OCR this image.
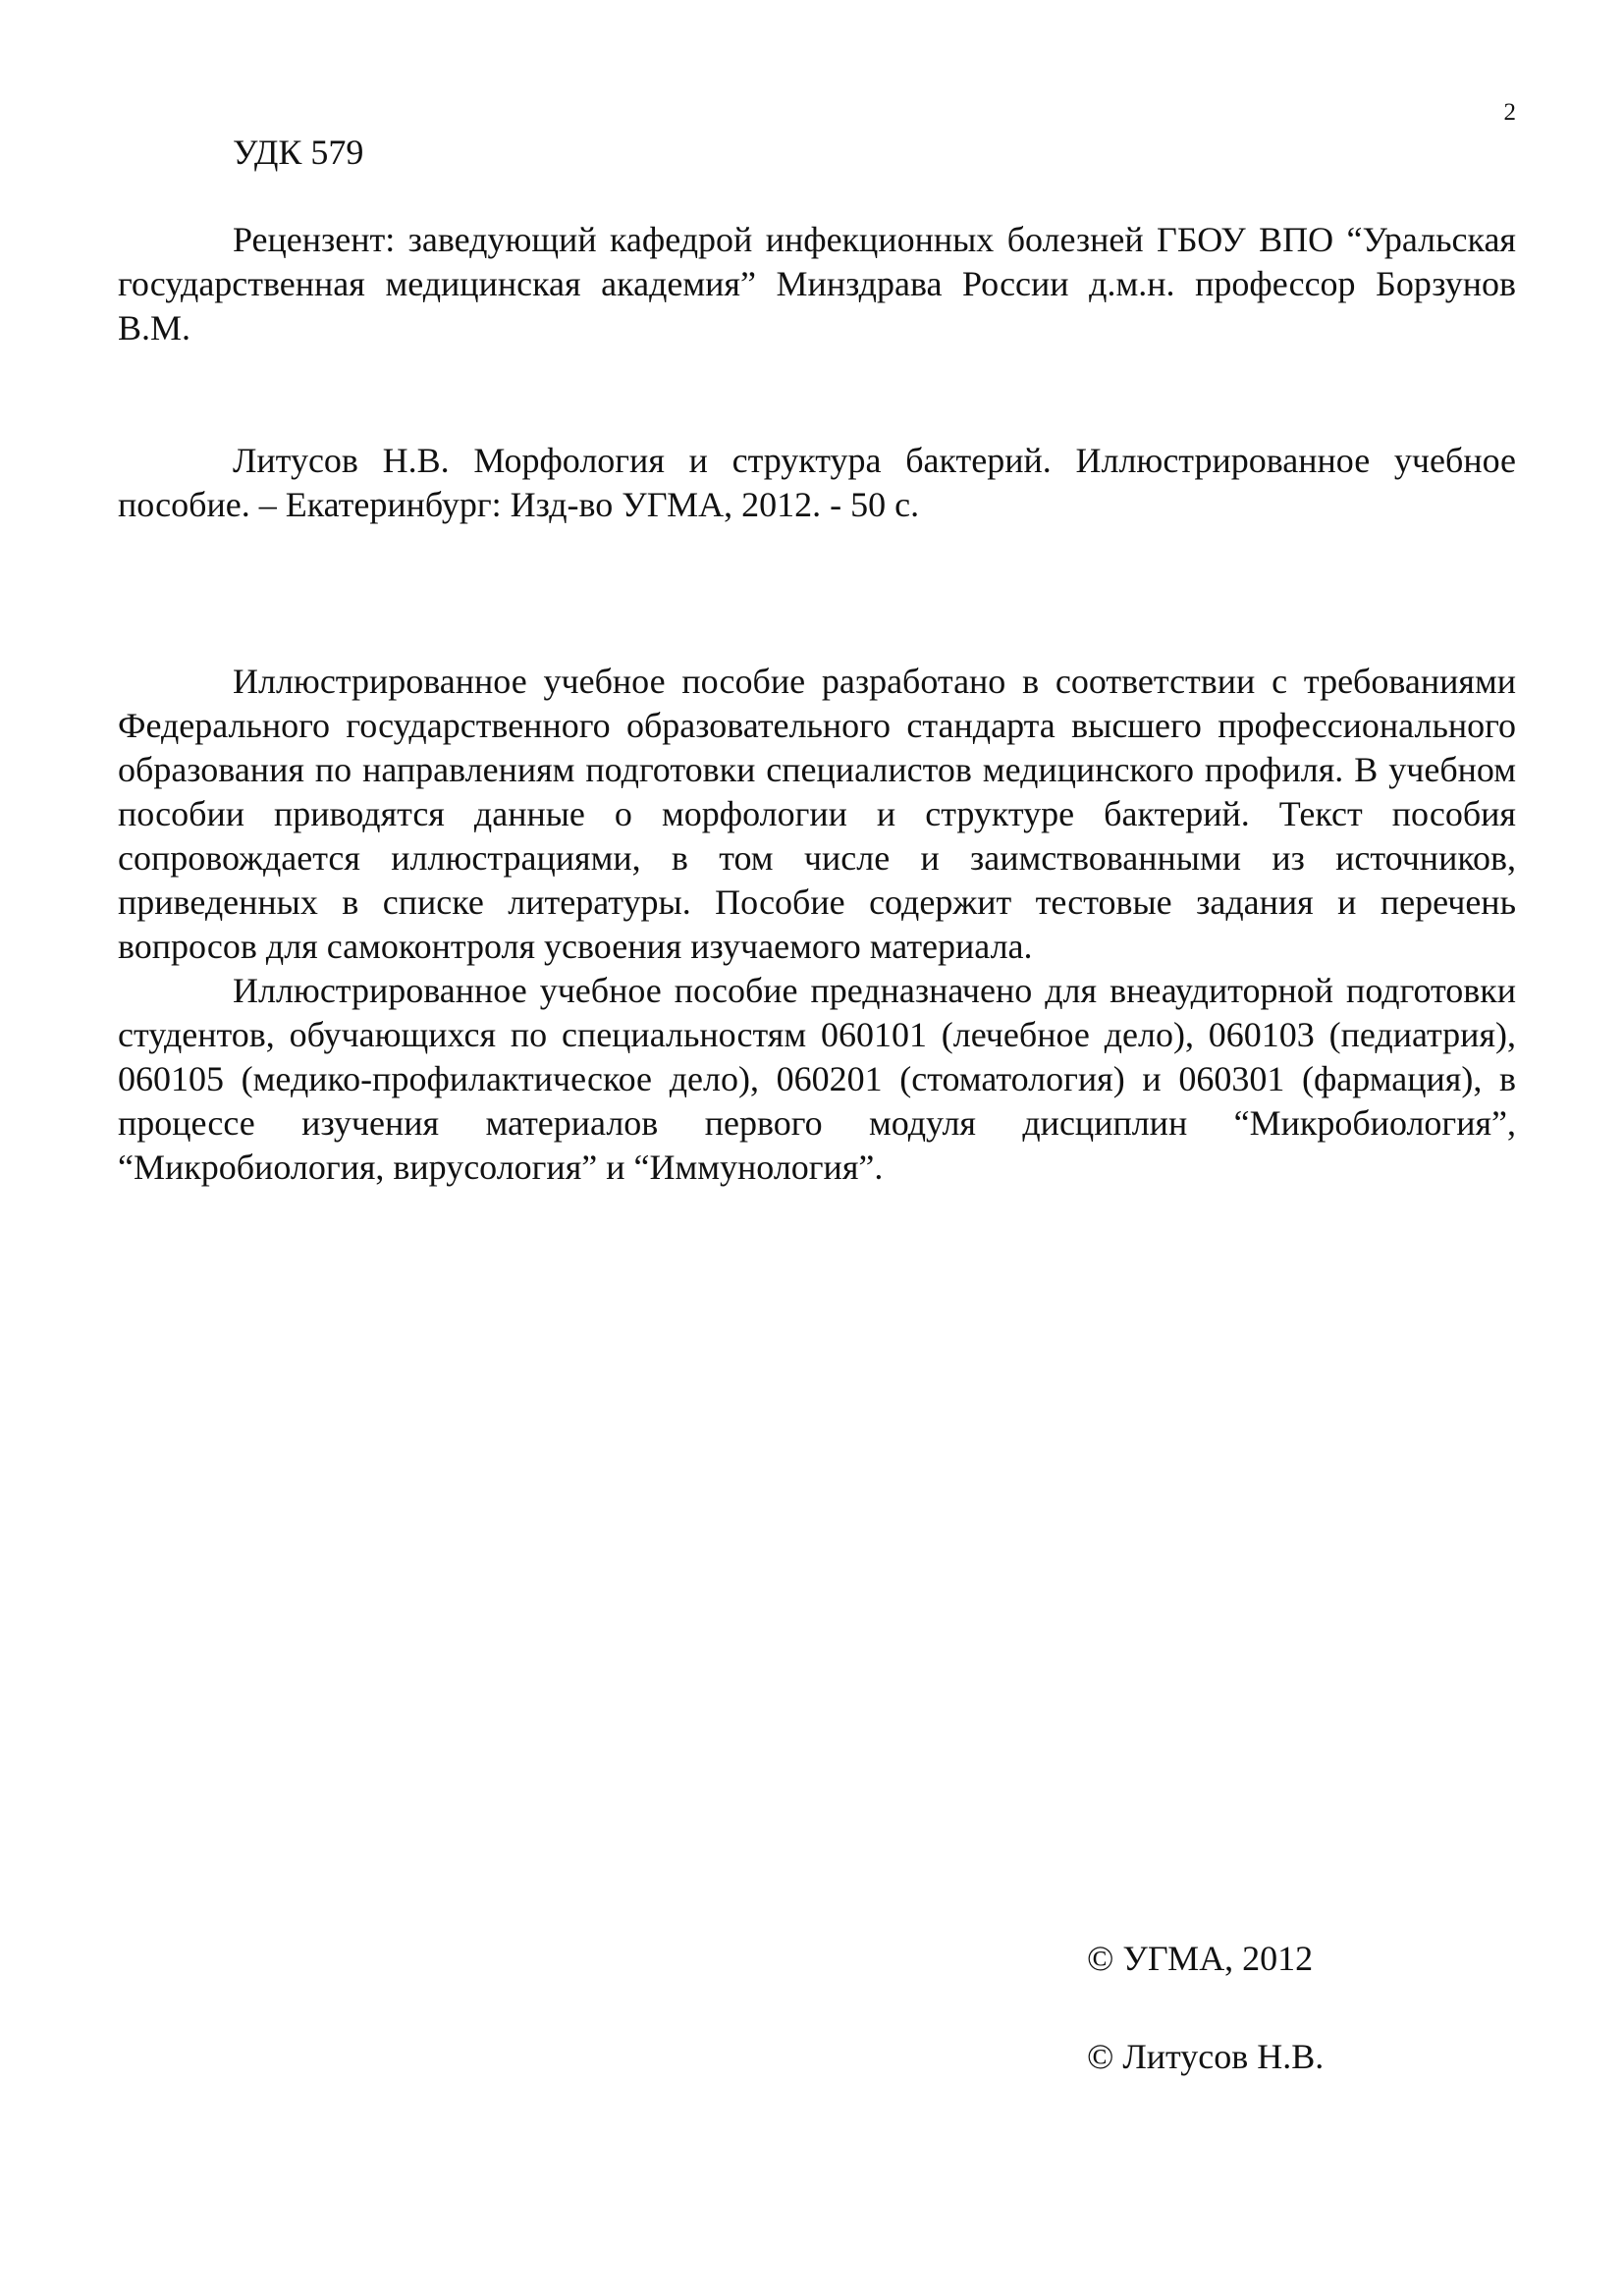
2
УДК 579

Рецензент: заведующий кафедрой инфекционных болезней ГБОУ ВПО “Уральская государственная медицинская академия” Минздрава России д.м.н. профессор Борзунов В.М.

Литусов Н.В. Морфология и структура бактерий. Иллюстрированное учебное пособие. – Екатеринбург: Изд-во УГМА, 2012. - 50 с.

Иллюстрированное учебное пособие разработано в соответствии с требованиями Федерального государственного образовательного стандарта высшего профессионального образования по направлениям подготовки специалистов медицинского профиля. В учебном пособии приводятся данные о морфологии и структуре бактерий. Текст пособия сопровождается иллюстрациями, в том числе и заимствованными из источников, приведенных в списке литературы. Пособие содержит тестовые задания и перечень вопросов для самоконтроля усвоения изучаемого материала.

Иллюстрированное учебное пособие предназначено для внеаудиторной подготовки студентов, обучающихся по специальностям 060101 (лечебное дело), 060103 (педиатрия), 060105 (медико-профилактическое дело), 060201 (стоматология) и 060301 (фармация), в процессе изучения материалов первого модуля дисциплин “Микробиология”, “Микробиология, вирусология” и “Иммунология”.

© УГМА, 2012
© Литусов Н.В.
